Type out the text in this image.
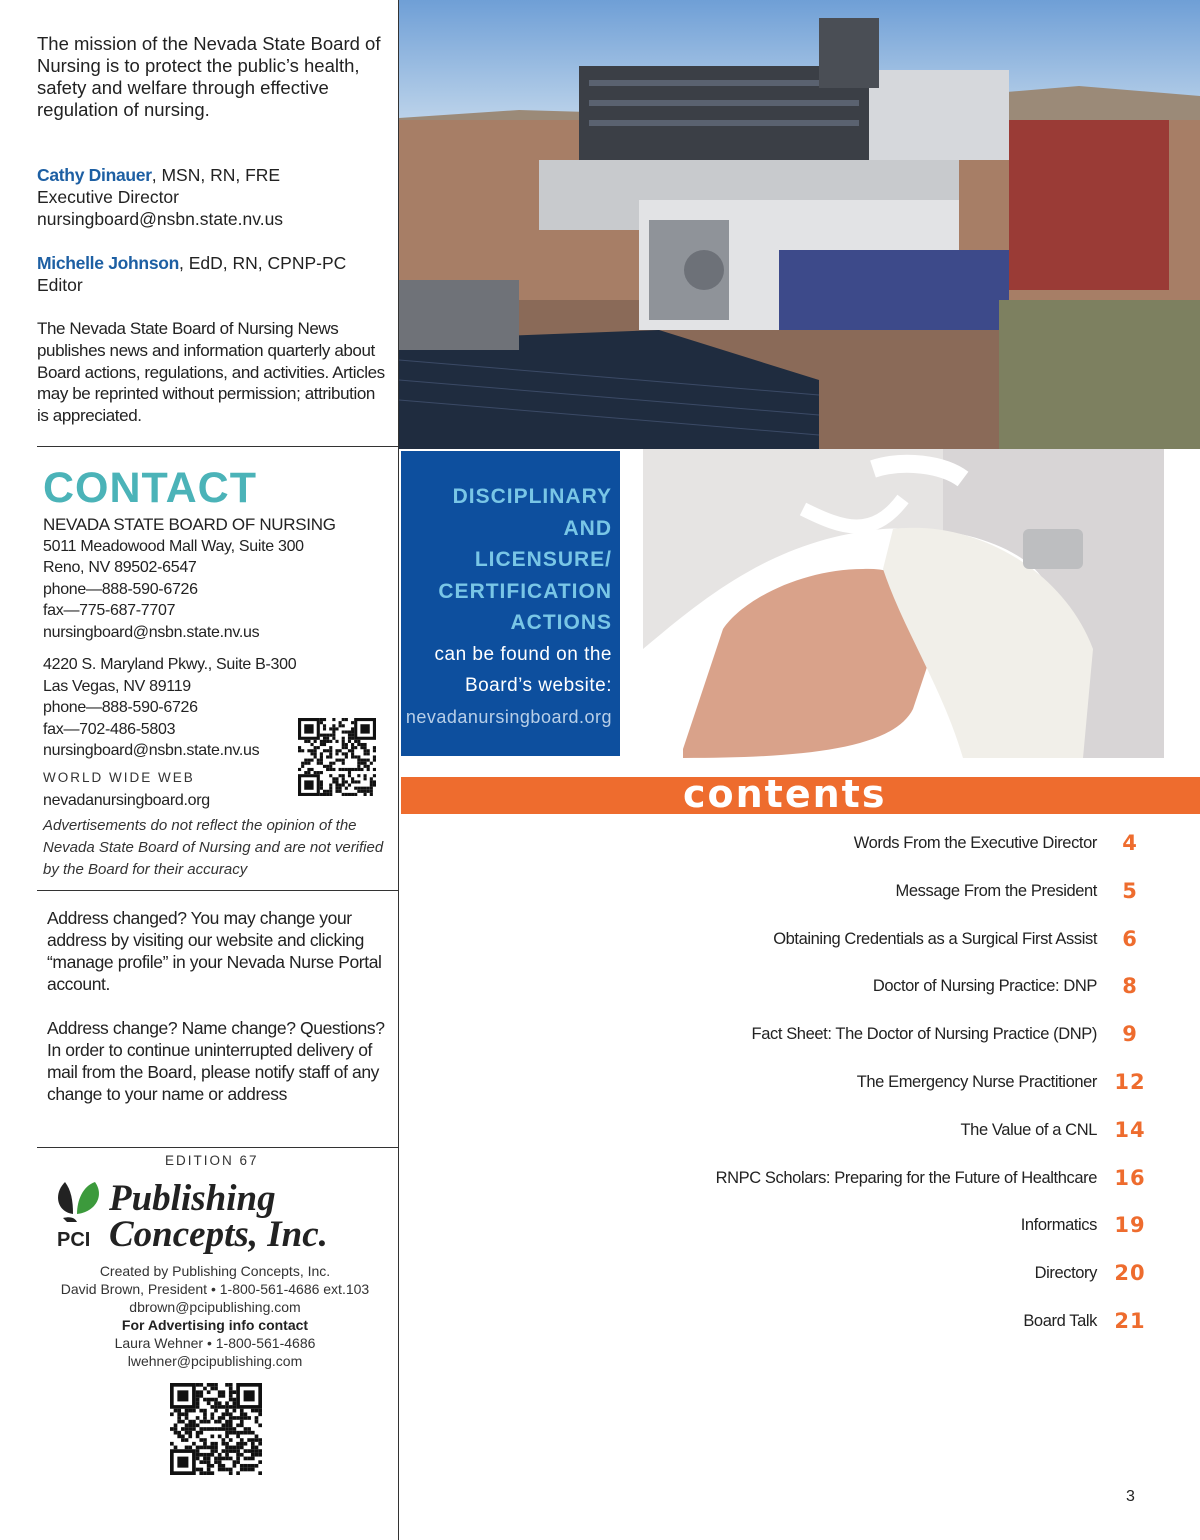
The mission of the Nevada State Board of Nursing is to protect the public’s health, safety and welfare through effective regulation of nursing.

Cathy Dinauer, MSN, RN, FRE
Executive Director
nursingboard@nsbn.state.nv.us
Michelle Johnson, EdD, RN, CPNP-PC
Editor

The Nevada State Board of Nursing News publishes news and information quarterly about Board actions, regulations, and activities. Articles may be reprinted without permission; attribution is appreciated.

CONTACT
NEVADA STATE BOARD OF NURSING
5011 Meadowood Mall Way, Suite 300
Reno, NV 89502-6547
phone—888-590-6726
fax—775-687-7707
nursingboard@nsbn.state.nv.us
4220 S. Maryland Pkwy., Suite B-300
Las Vegas, NV 89119
phone—888-590-6726
fax—702-486-5803
nursingboard@nsbn.state.nv.us
WORLD WIDE WEB
nevadanursingboard.org

Advertisements do not reflect the opinion of the Nevada State Board of Nursing and are not verified by the Board for their accuracy

Address changed? You may change your address by visiting our website and clicking “manage profile” in your Nevada Nurse Portal account.

Address change? Name change? Questions? In order to continue uninterrupted delivery of mail from the Board, please notify staff of any change to your name or address

EDITION 67
PCI
Publishing
Concepts, Inc.
Created by Publishing Concepts, Inc.
David Brown, President • 1-800-561-4686 ext.103
dbrown@pcipublishing.com
For Advertising info contact
Laura Wehner • 1-800-561-4686
lwehner@pcipublishing.com
DISCIPLINARY
AND
LICENSURE/
CERTIFICATION
ACTIONS
can be found on the
Board’s website:
nevadanursingboard.org
contents
Words From the Executive Director	4
Message From the President	5
Obtaining Credentials as a Surgical First Assist	6
Doctor of Nursing Practice: DNP	8
Fact Sheet: The Doctor of Nursing Practice (DNP)	9
The Emergency Nurse Practitioner 12
The Value of a CNL 14
RNPC Scholars: Preparing for the Future of Healthcare 16
Informatics 19
Directory 20
Board Talk 21
3
